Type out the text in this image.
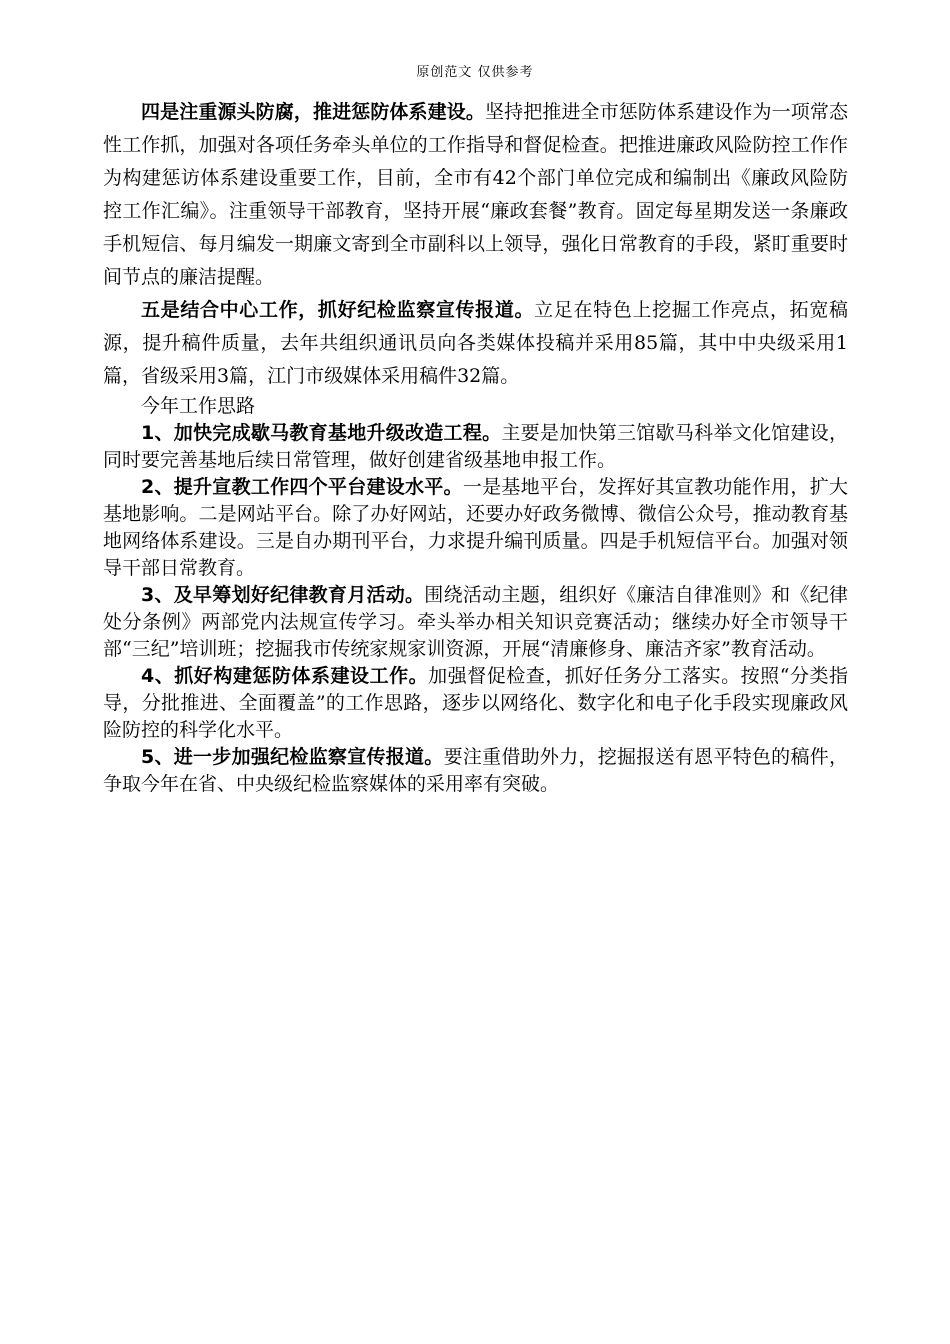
原创范文 仅供参考

四是注重源头防腐，推进惩防体系建设。坚持把推进全市惩防体系建设作为一项常态性工作抓，加强对各项任务牵头单位的工作指导和督促检查。把推进廉政风险防控工作作为构建惩访体系建设重要工作，目前，全市有42个部门单位完成和编制出《廉政风险防控工作汇编》。注重领导干部教育，坚持开展“廉政套餐”教育。固定每星期发送一条廉政手机短信、每月编发一期廉文寄到全市副科以上领导，强化日常教育的手段，紧盯重要时间节点的廉洁提醒。

五是结合中心工作，抓好纪检监察宣传报道。立足在特色上挖掘工作亮点，拓宽稿源，提升稿件质量，去年共组织通讯员向各类媒体投稿并采用85篇，其中中央级采用1篇，省级采用3篇，江门市级媒体采用稿件32篇。

今年工作思路

1、加快完成歇马教育基地升级改造工程。主要是加快第三馆歇马科举文化馆建设，同时要完善基地后续日常管理，做好创建省级基地申报工作。

2、提升宣教工作四个平台建设水平。一是基地平台，发挥好其宣教功能作用，扩大基地影响。二是网站平台。除了办好网站，还要办好政务微博、微信公众号，推动教育基地网络体系建设。三是自办期刊平台，力求提升编刊质量。四是手机短信平台。加强对领导干部日常教育。

3、及早筹划好纪律教育月活动。围绕活动主题，组织好《廉洁自律准则》和《纪律处分条例》两部党内法规宣传学习。牵头举办相关知识竞赛活动；继续办好全市领导干部“三纪”培训班；挖掘我市传统家规家训资源，开展“清廉修身、廉洁齐家”教育活动。

4、抓好构建惩防体系建设工作。加强督促检查，抓好任务分工落实。按照“分类指导，分批推进、全面覆盖”的工作思路，逐步以网络化、数字化和电子化手段实现廉政风险防控的科学化水平。

5、进一步加强纪检监察宣传报道。要注重借助外力，挖掘报送有恩平特色的稿件，争取今年在省、中央级纪检监察媒体的采用率有突破。
